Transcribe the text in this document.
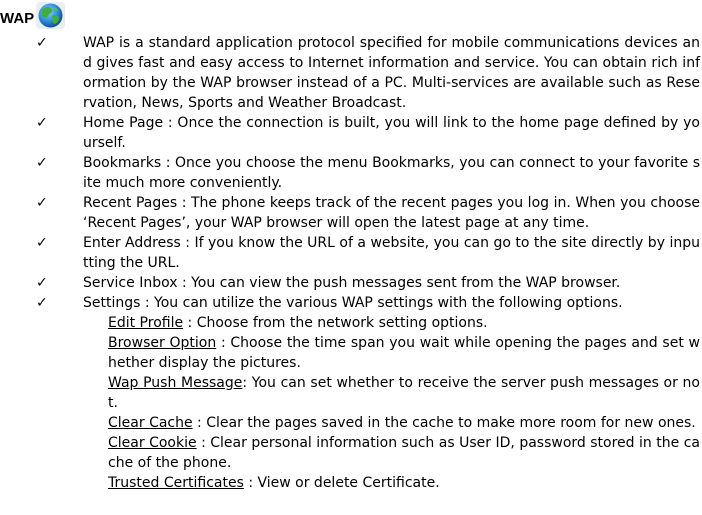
WAP
✓	WAP is a standard application protocol specified for mobile communications devices and gives fast and easy access to Internet information and service. You can obtain rich information by the WAP browser instead of a PC. Multi-services are available such as Reservation, News, Sports and Weather Broadcast.
✓	Home Page : Once the connection is built, you will link to the home page defined by yourself.
✓	Bookmarks : Once you choose the menu Bookmarks, you can connect to your favorite site much more conveniently.
✓	Recent Pages : The phone keeps track of the recent pages you log in. When you choose ‘Recent Pages’, your WAP browser will open the latest page at any time.
✓	Enter Address : If you know the URL of a website, you can go to the site directly by inputting the URL.
✓	Service Inbox : You can view the push messages sent from the WAP browser.
✓	Settings : You can utilize the various WAP settings with the following options.
Edit Profile : Choose from the network setting options.
Browser Option : Choose the time span you wait while opening the pages and set whether display the pictures.
Wap Push Message: You can set whether to receive the server push messages or not.
Clear Cache : Clear the pages saved in the cache to make more room for new ones.
Clear Cookie : Clear personal information such as User ID, password stored in the cache of the phone.
Trusted Certificates : View or delete Certificate.
